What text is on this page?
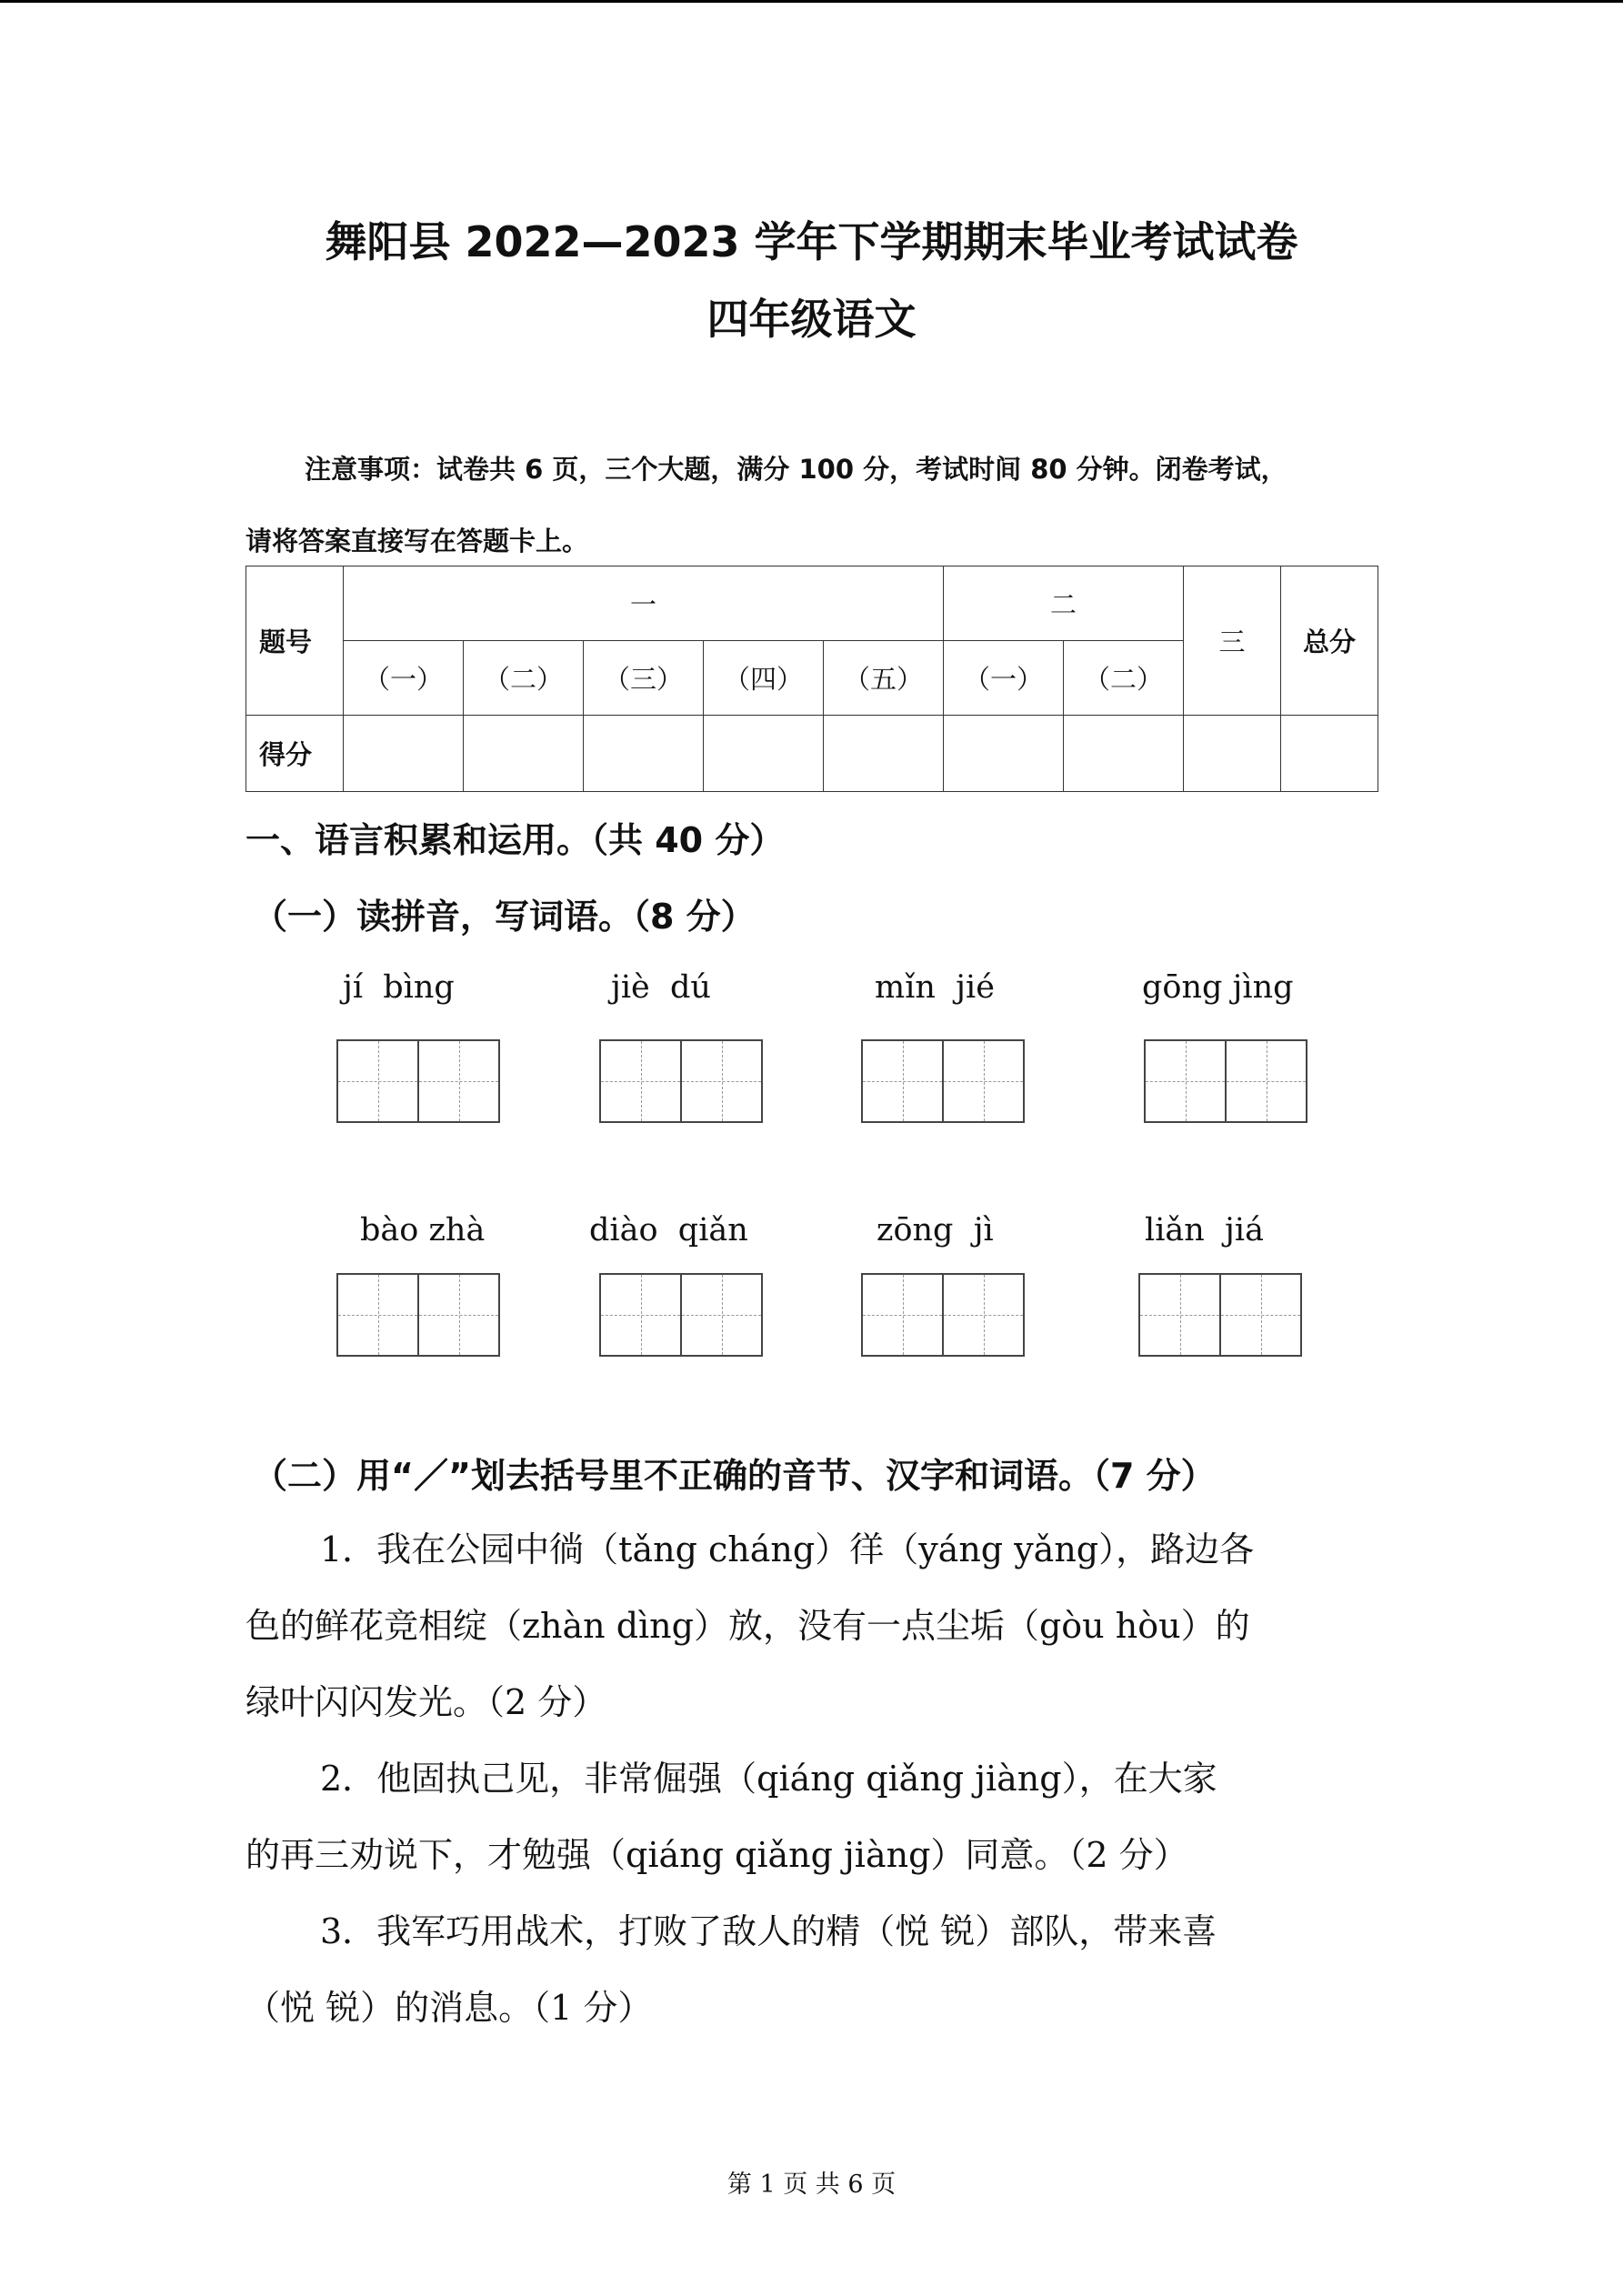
舞阳县 2022—2023 学年下学期期末毕业考试试卷
四年级语文
注意事项：试卷共 6 页，三个大题，满分 100 分，考试时间 80 分钟。闭卷考试，
请将答案直接写在答题卡上。
题号	一					二		三	总分
	（一）	（二）	（三）	（四）	（五）	（一）	（二）		
得分									
一、语言积累和运用。（共 40 分）
（一）读拼音，写词语。（8 分）
jí  bìng	jiè  dú	mǐn  jié	gōng jìng
bào zhà	diào  qiǎn	zōng  jì	liǎn  jiá
（二）用“／”划去括号里不正确的音节、汉字和词语。（7 分）

1．我在公园中徜（tǎng cháng）徉（yáng yǎng），路边各

色的鲜花竞相绽（zhàn dìng）放，没有一点尘垢（gòu hòu）的

绿叶闪闪发光。（2 分）

2．他固执己见，非常倔强（qiáng qiǎng jiàng），在大家

的再三劝说下，才勉强（qiáng qiǎng jiàng）同意。（2 分）

3．我军巧用战术，打败了敌人的精（悦 锐）部队，带来喜

（悦 锐）的消息。（1 分）

第 1 页 共 6 页
